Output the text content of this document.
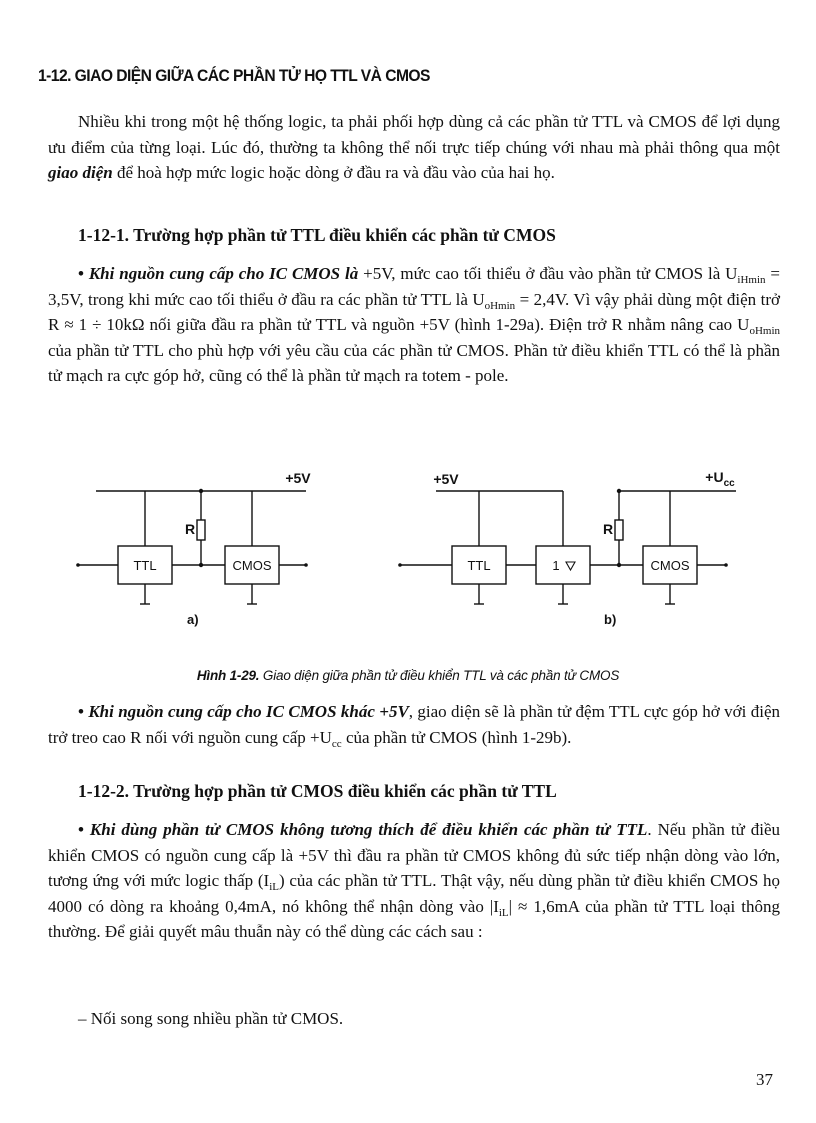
1-12. GIAO DIỆN GIỮA CÁC PHẦN TỬ HỌ TTL VÀ CMOS
Nhiều khi trong một hệ thống logic, ta phải phối hợp dùng cả các phần tử TTL và CMOS để lợi dụng ưu điểm của từng loại. Lúc đó, thường ta không thể nối trực tiếp chúng với nhau mà phải thông qua một giao diện để hoà hợp mức logic hoặc dòng ở đầu ra và đầu vào của hai họ.
1-12-1. Trường hợp phần tử TTL điều khiển các phần tử CMOS
• Khi nguồn cung cấp cho IC CMOS là +5V, mức cao tối thiểu ở đầu vào phần tử CMOS là $U_{iHmin} = 3,5V$, trong khi mức cao tối thiểu ở đầu ra các phần tử TTL là $U_{oHmin} = 2,4V$. Vì vậy phải dùng một điện trở R ≈ 1 ÷ 10kΩ nối giữa đầu ra phần tử TTL và nguồn +5V (hình 1-29a). Điện trở R nhằm nâng cao $U_{oHmin}$ của phần tử TTL cho phù hợp với yêu cầu của các phần tử CMOS. Phần tử điều khiển TTL có thể là phần tử mạch ra cực góp hở, cũng có thể là phần tử mạch ra totem - pole.
+5V
R
TTL	CMOS
a)
+5V	$+U_{cc}$
R
TTL	1	CMOS
b)
Hình 1-29. Giao diện giữa phần tử điều khiển TTL và các phần tử CMOS
• Khi nguồn cung cấp cho IC CMOS khác +5V, giao diện sẽ là phần tử đệm TTL cực góp hở với điện trở treo cao R nối với nguồn cung cấp $+U_{cc}$ của phần tử CMOS (hình 1-29b).
1-12-2. Trường hợp phần tử CMOS điều khiển các phần tử TTL
• Khi dùng phần tử CMOS không tương thích để điều khiển các phần tử TTL. Nếu phần tử điều khiển CMOS có nguồn cung cấp là +5V thì đầu ra phần tử CMOS không đủ sức tiếp nhận dòng vào lớn, tương ứng với mức logic thấp $(I_{iL})$ của các phần tử TTL. Thật vậy, nếu dùng phần tử điều khiển CMOS họ 4000 có dòng ra khoảng 0,4mA, nó không thể nhận dòng vào $|I_{iL}| \approx 1,6mA$ của phần tử TTL loại thông thường. Để giải quyết mâu thuẫn này có thể dùng các cách sau :
– Nối song song nhiều phần tử CMOS.
37
